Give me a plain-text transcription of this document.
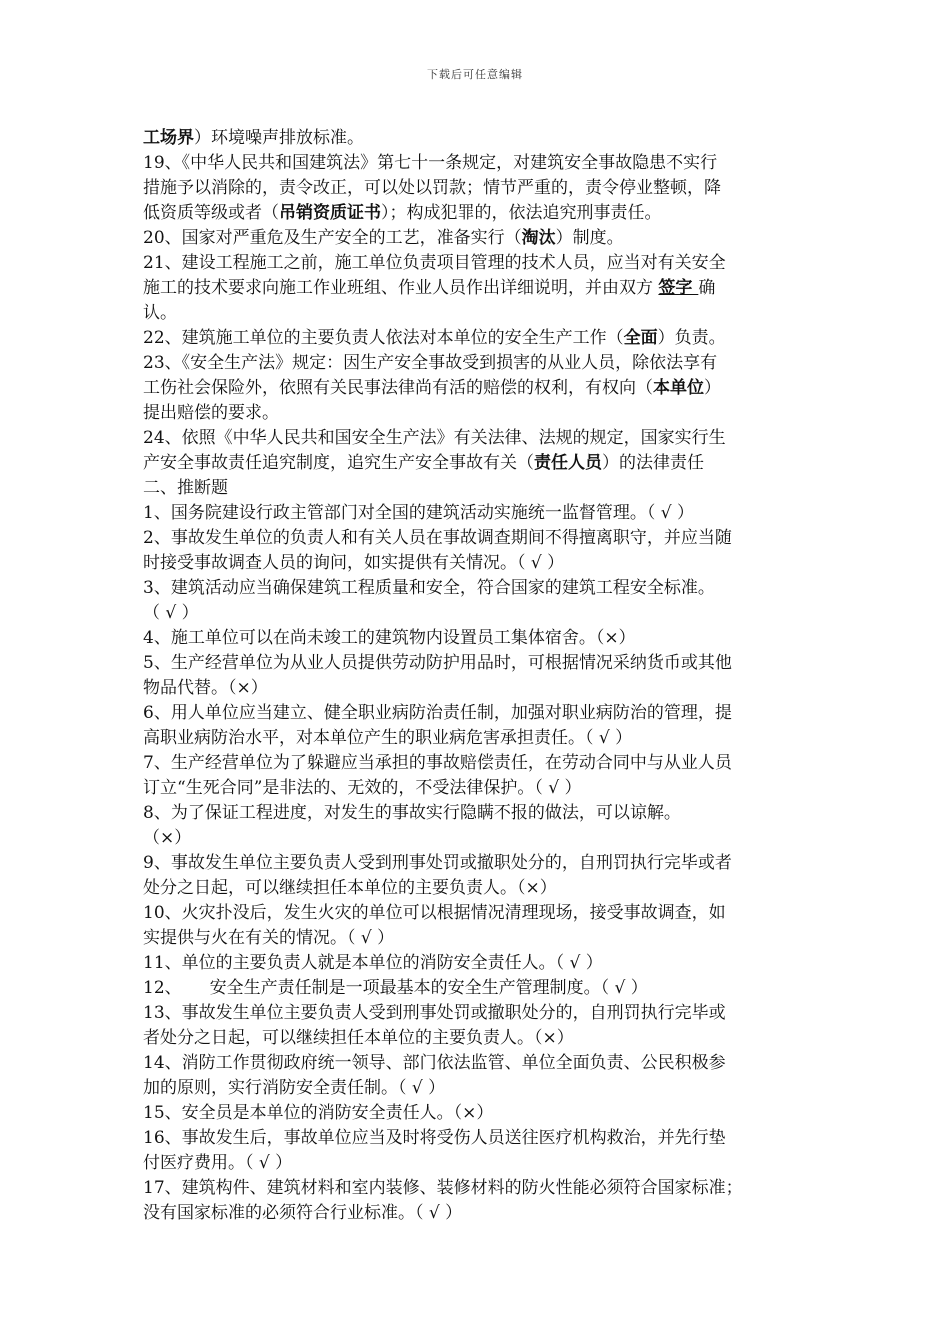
下载后可任意编辑
工场界）环境噪声排放标准。
19、《中华人民共和国建筑法》第七十一条规定，对建筑安全事故隐患不实行
措施予以消除的，责令改正，可以处以罚款；情节严重的，责令停业整顿，降
低资质等级或者（吊销资质证书）；构成犯罪的，依法追究刑事责任。
20、国家对严重危及生产安全的工艺，准备实行（淘汰）制度。
21、建设工程施工之前，施工单位负责项目管理的技术人员，应当对有关安全
施工的技术要求向施工作业班组、作业人员作出详细说明，并由双方 签字 确
认。
22、建筑施工单位的主要负责人依法对本单位的安全生产工作（全面）负责。
23、《安全生产法》规定：因生产安全事故受到损害的从业人员，除依法享有
工伤社会保险外，依照有关民事法律尚有活的赔偿的权利，有权向（本单位）
提出赔偿的要求。
24、依照《中华人民共和国安全生产法》有关法律、法规的规定，国家实行生
产安全事故责任追究制度，追究生产安全事故有关（责任人员）的法律责任
二、推断题
1、国务院建设行政主管部门对全国的建筑活动实施统一监督管理。（ √ ）
2、事故发生单位的负责人和有关人员在事故调查期间不得擅离职守，并应当随
时接受事故调查人员的询问，如实提供有关情况。（ √ ）
3、建筑活动应当确保建筑工程质量和安全，符合国家的建筑工程安全标准。
（ √ ）
4、施工单位可以在尚未竣工的建筑物内设置员工集体宿舍。（×）
5、生产经营单位为从业人员提供劳动防护用品时，可根据情况采纳货币或其他
物品代替。（×）
6、用人单位应当建立、健全职业病防治责任制，加强对职业病防治的管理，提
高职业病防治水平，对本单位产生的职业病危害承担责任。（ √ ）
7、生产经营单位为了躲避应当承担的事故赔偿责任，在劳动合同中与从业人员
订立“生死合同”是非法的、无效的，不受法律保护。（ √ ）
8、为了保证工程进度，对发生的事故实行隐瞒不报的做法，可以谅解。
（×）
9、事故发生单位主要负责人受到刑事处罚或撤职处分的，自刑罚执行完毕或者
处分之日起，可以继续担任本单位的主要负责人。（×）
10、火灾扑没后，发生火灾的单位可以根据情况清理现场，接受事故调查，如
实提供与火在有关的情况。（ √ ）
11、单位的主要负责人就是本单位的消防安全责任人。（ √ ）
12、 安全生产责任制是一项最基本的安全生产管理制度。（ √ ）
13、事故发生单位主要负责人受到刑事处罚或撤职处分的，自刑罚执行完毕或
者处分之日起，可以继续担任本单位的主要负责人。（×）
14、消防工作贯彻政府统一领导、部门依法监管、单位全面负责、公民积极参
加的原则，实行消防安全责任制。（ √ ）
15、安全员是本单位的消防安全责任人。（×）
16、事故发生后，事故单位应当及时将受伤人员送往医疗机构救治，并先行垫
付医疗费用。（ √ ）
17、建筑构件、建筑材料和室内装修、装修材料的防火性能必须符合国家标准；
没有国家标准的必须符合行业标准。（ √ ）
